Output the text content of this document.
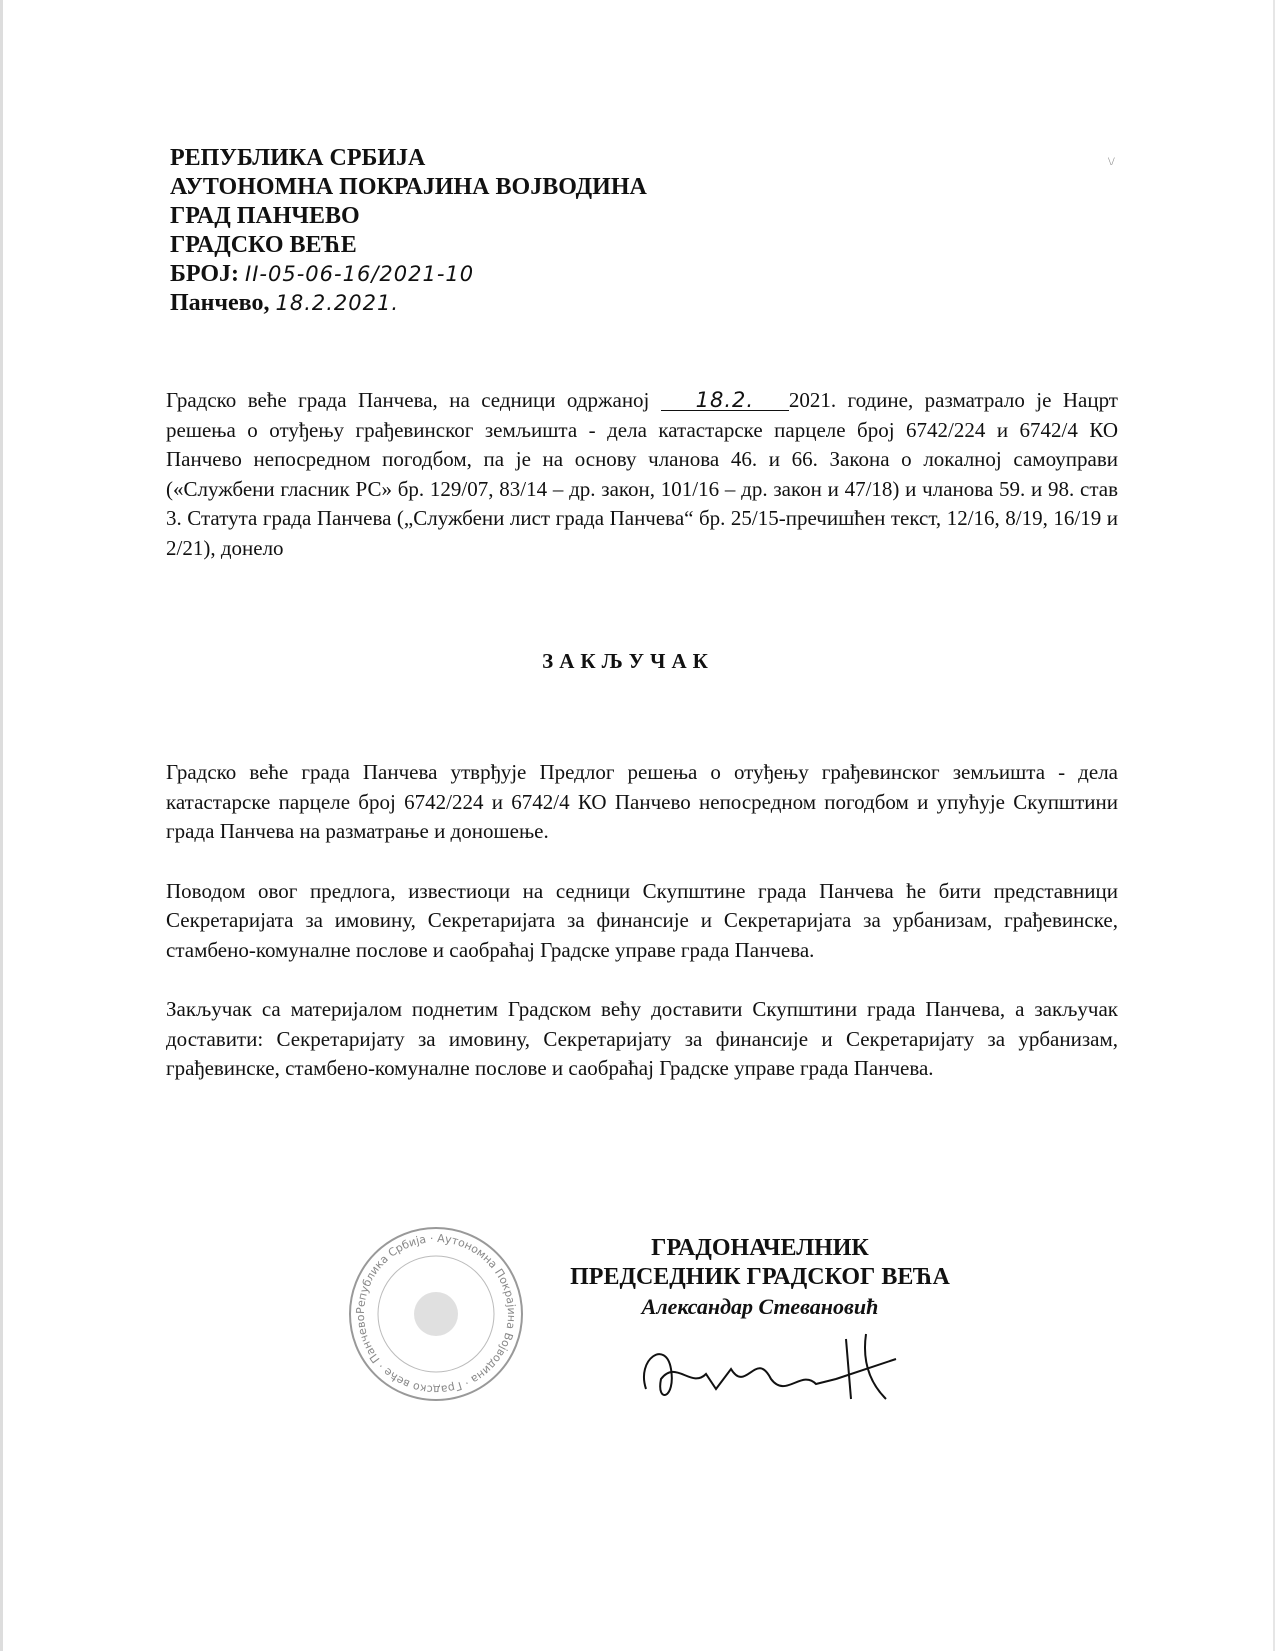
\/
РЕПУБЛИКА СРБИЈА
АУТОНОМНА ПОКРАЈИНА ВОЈВОДИНА
ГРАД ПАНЧЕВО
ГРАДСКО ВЕЋЕ
БРОЈ: II-05-06-16/2021-10
Панчево, 18.2.2021.

Градско веће града Панчева, на седници одржаној 18.2. 2021. године, разматрало је Нацрт решења о отуђењу грађевинског земљишта - дела катастарске парцеле број 6742/224 и 6742/4 КО Панчево непосредном погодбом, па је на основу чланова 46. и 66. Закона о локалној самоуправи («Службени гласник РС» бр. 129/07, 83/14 – др. закон, 101/16 – др. закон и 47/18) и чланова 59. и 98. став 3. Статута града Панчева („Службени лист града Панчева“ бр. 25/15-пречишћен текст, 12/16, 8/19, 16/19 и 2/21), донело

ЗАКЉУЧАК

Градско веће града Панчева утврђује Предлог решења о отуђењу грађевинског земљишта - дела катастарске парцеле број 6742/224 и 6742/4 КО Панчево непосредном погодбом и упућује Скупштини града Панчева на разматрање и доношење.

Поводом овог предлога, известиоци на седници Скупштине града Панчева ће бити представници Секретаријата за имовину, Секретаријата за финансије и Секретаријата за урбанизам, грађевинске, стамбено-комуналне послове и саобраћај Градске управе града Панчева.

Закључак са материјалом поднетим Градском већу доставити Скупштини града Панчева, а закључак доставити: Секретаријату за имовину, Секретаријату за финансије и Секретаријату за урбанизам, грађевинске, стамбено-комуналне послове и саобраћај Градске управе града Панчева.

Република Србија · Аутономна Покрајина Војводина · Градско веће · Панчево
ГРАДОНАЧЕЛНИК
ПРЕДСЕДНИК ГРАДСКОГ ВЕЋА
Александар Стевановић
